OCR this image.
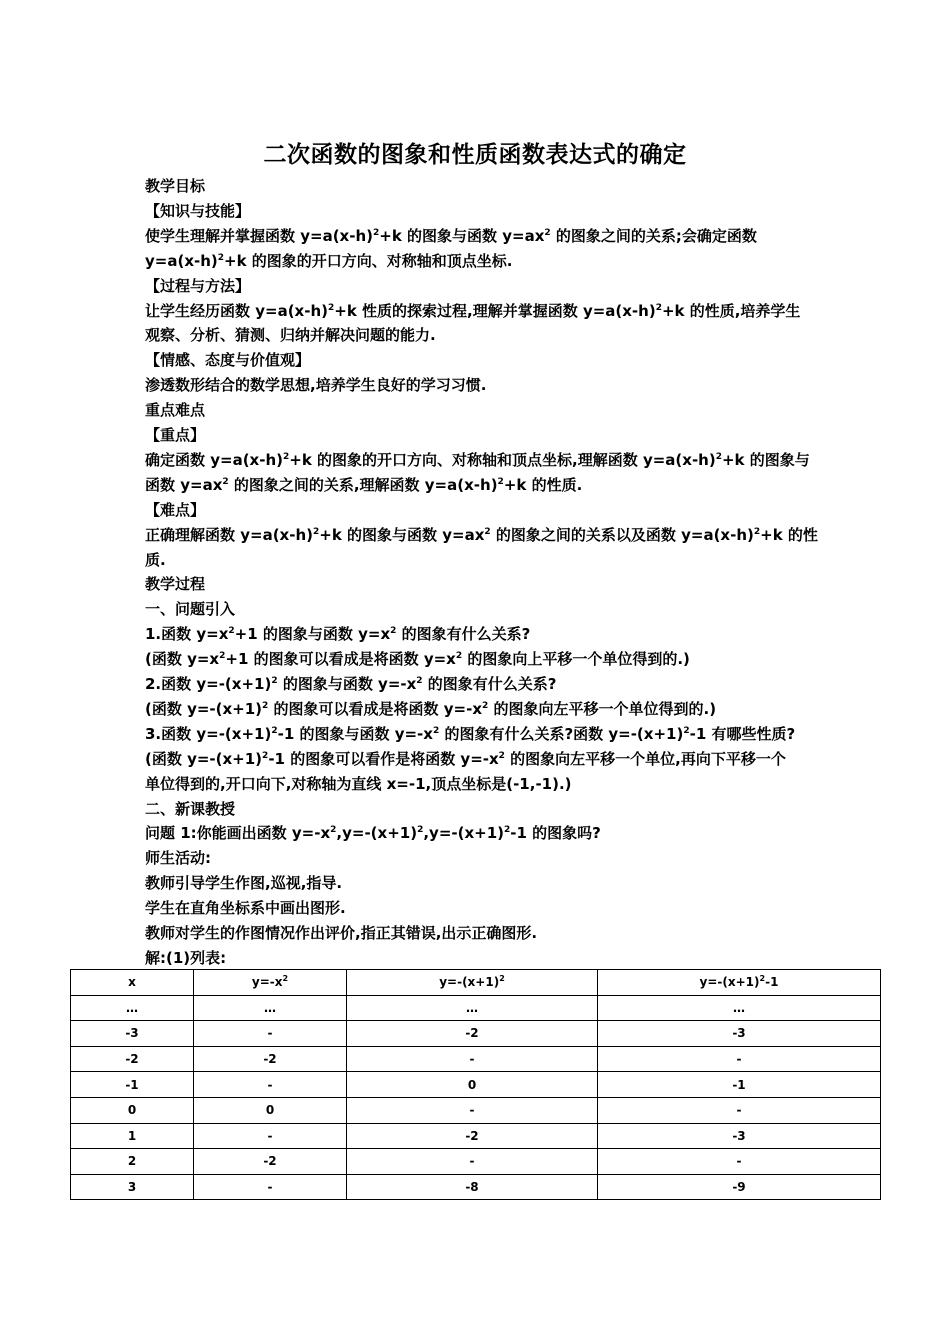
二次函数的图象和性质函数表达式的确定
教学目标
【知识与技能】
使学生理解并掌握函数 $y=a(x-h)^2+k$ 的图象与函数 $y=ax^2$ 的图象之间的关系;会确定函数
$y=a(x-h)^2+k$ 的图象的开口方向、对称轴和顶点坐标.
【过程与方法】
让学生经历函数 $y=a(x-h)^2+k$ 性质的探索过程,理解并掌握函数 $y=a(x-h)^2+k$ 的性质,培养学生
观察、分析、猜测、归纳并解决问题的能力.
【情感、态度与价值观】
渗透数形结合的数学思想,培养学生良好的学习习惯.
重点难点
【重点】
确定函数 $y=a(x-h)^2+k$ 的图象的开口方向、对称轴和顶点坐标,理解函数 $y=a(x-h)^2+k$ 的图象与
函数 $y=ax^2$ 的图象之间的关系,理解函数 $y=a(x-h)^2+k$ 的性质.
【难点】
正确理解函数 $y=a(x-h)^2+k$ 的图象与函数 $y=ax^2$ 的图象之间的关系以及函数 $y=a(x-h)^2+k$ 的性
质.
教学过程
一、问题引入
1.函数 $y=x^2+1$ 的图象与函数 $y=x^2$ 的图象有什么关系?
(函数 $y=x^2+1$ 的图象可以看成是将函数 $y=x^2$ 的图象向上平移一个单位得到的.)
2.函数 $y=-(x+1)^2$ 的图象与函数 $y=-x^2$ 的图象有什么关系?
(函数 $y=-(x+1)^2$ 的图象可以看成是将函数 $y=-x^2$ 的图象向左平移一个单位得到的.)
3.函数 $y=-(x+1)^2-1$ 的图象与函数 $y=-x^2$ 的图象有什么关系?函数 $y=-(x+1)^2-1$ 有哪些性质?
(函数 $y=-(x+1)^2-1$ 的图象可以看作是将函数 $y=-x^2$ 的图象向左平移一个单位,再向下平移一个
单位得到的,开口向下,对称轴为直线 x=-1,顶点坐标是(-1,-1).)
二、新课教授
问题 1:你能画出函数 $y=-x^2,y=-(x+1)^2,y=-(x+1)^2-1$ 的图象吗?
师生活动:
教师引导学生作图,巡视,指导.
学生在直角坐标系中画出图形.
教师对学生的作图情况作出评价,指正其错误,出示正确图形.
解:(1)列表:
x	$y=-x^2$	$y=-(x+1)^2$	$y=-(x+1)^2-1$
…	…	…	…
-3	-	-2	-3
-2	-2	-	-
-1	-	0	-1
0	0	-	-
1	-	-2	-3
2	-2	-	-
3	-	-8	-9
